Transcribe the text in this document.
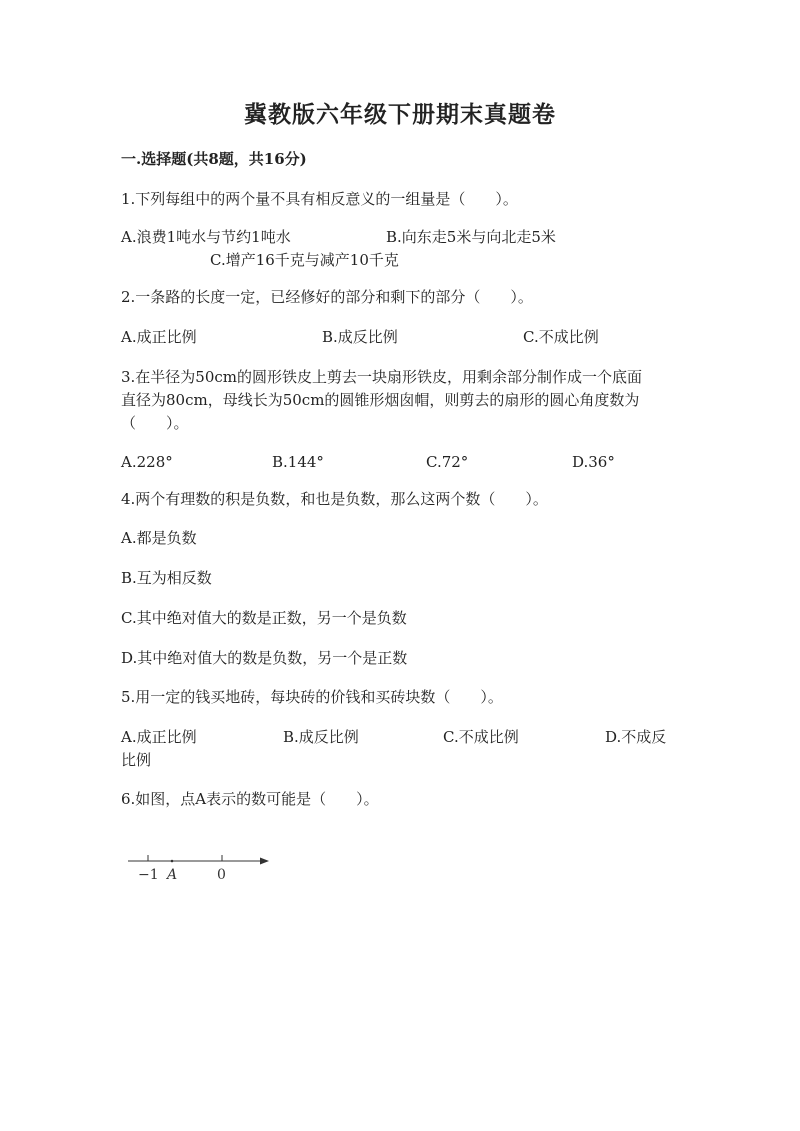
冀教版六年级下册期末真题卷
一.选择题(共8题，共16分)
1.下列每组中的两个量不具有相反意义的一组量是（　　）。
A.浪费1吨水与节约1吨水	B.向东走5米与向北走5米
C.增产16千克与减产10千克
2.一条路的长度一定，已经修好的部分和剩下的部分（　　）。
A.成正比例	B.成反比例	C.不成比例
3.在半径为50cm的圆形铁皮上剪去一块扇形铁皮，用剩余部分制作成一个底面
直径为80cm，母线长为50cm的圆锥形烟囱帽，则剪去的扇形的圆心角度数为
（　　）。
A.228°	B.144°	C.72°	D.36°
4.两个有理数的积是负数，和也是负数，那么这两个数（　　）。
A.都是负数
B.互为相反数
C.其中绝对值大的数是正数，另一个是负数
D.其中绝对值大的数是负数，另一个是正数
5.用一定的钱买地砖，每块砖的价钱和买砖块数（　　）。
A.成正比例	B.成反比例	C.不成比例	D.不成反
比例
6.如图，点A表示的数可能是（　　）。
−1 A	0
